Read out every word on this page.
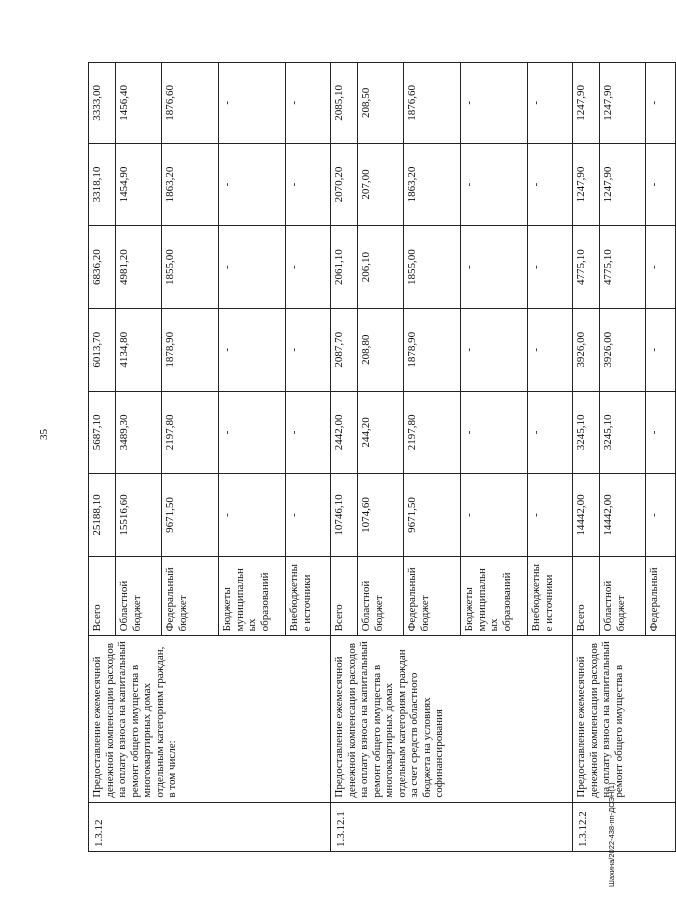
35
1.3.12	Предоставление ежемесячной денежной компенсации расходов на оплату взноса на капитальный ремонт общего имущества в многоквартирных домах отдельным категориям граждан, в том числе:	Всего	25188,10	5687,10	6013,70	6836,20	3318,10	3333,00
		Областной бюджет	15516,60	3489,30	4134,80	4981,20	1454,90	1456,40
		Федеральный бюджет	9671,50	2197,80	1878,90	1855,00	1863,20	1876,60
		Бюджеты муниципальных образований	-	-	-	-	-	-
		Внебюджетные источники	-	-	-	-	-	-
1.3.12.1	Предоставление ежемесячной денежной компенсации расходов на оплату взноса на капитальный ремонт общего имущества в многоквартирных домах отдельным категориям граждан за счет средств областного бюджета на условиях софинансирования	Всего	10746,10	2442,00	2087,70	2061,10	2070,20	2085,10
		Областной бюджет	1074,60	244,20	208,80	206,10	207,00	208,50
		Федеральный бюджет	9671,50	2197,80	1878,90	1855,00	1863,20	1876,60
		Бюджеты муниципальных образований	-	-	-	-	-	-
		Внебюджетные источники	-	-	-	-	-	-
1.3.12.2	Предоставление ежемесячной денежной компенсации расходов на оплату взноса на капитальный ремонт общего имущества в	Всего	14442,00	3245,10	3926,00	4775,10	1247,90	1247,90
		Областной бюджет	14442,00	3245,10	3926,00	4775,10	1247,90	1247,90
		Федеральный	-	-	-	-	-	-
Шахина/2022-438-пп-ДСЭН(1)
